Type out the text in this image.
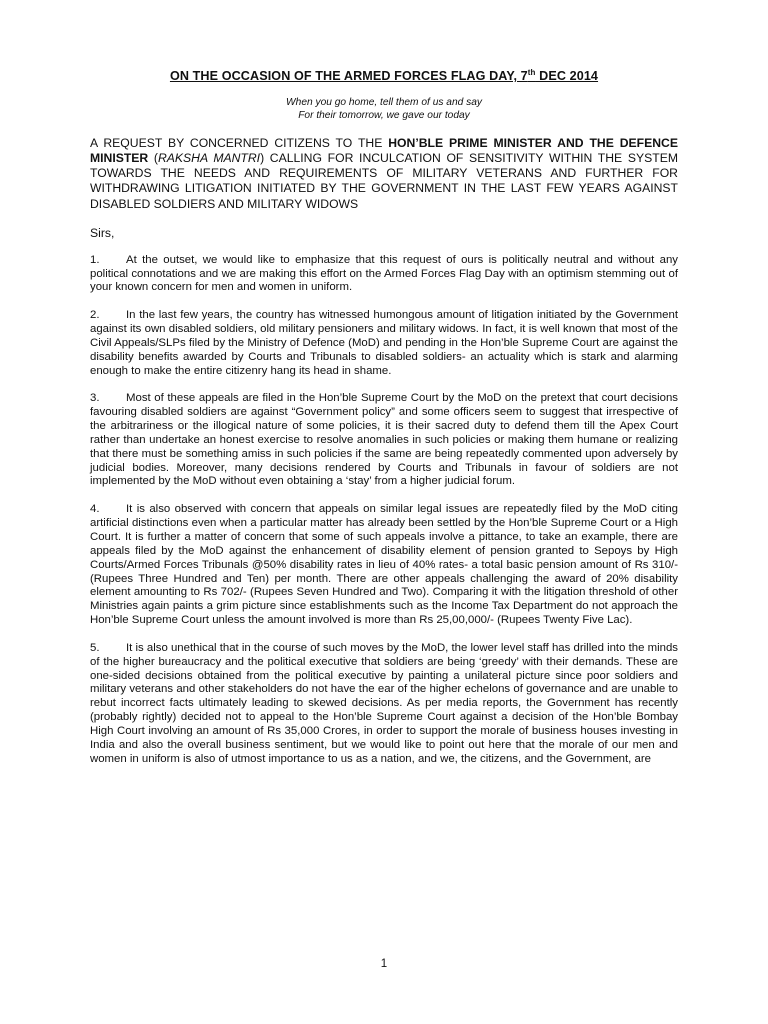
ON THE OCCASION OF THE ARMED FORCES FLAG DAY, 7th DEC 2014
When you go home, tell them of us and say
For their tomorrow, we gave our today
A REQUEST BY CONCERNED CITIZENS TO THE HON’BLE PRIME MINISTER AND THE DEFENCE MINISTER (RAKSHA MANTRI) CALLING FOR INCULCATION OF SENSITIVITY WITHIN THE SYSTEM TOWARDS THE NEEDS AND REQUIREMENTS OF MILITARY VETERANS AND FURTHER FOR WITHDRAWING LITIGATION INITIATED BY THE GOVERNMENT IN THE LAST FEW YEARS AGAINST DISABLED SOLDIERS AND MILITARY WIDOWS
Sirs,
1. At the outset, we would like to emphasize that this request of ours is politically neutral and without any political connotations and we are making this effort on the Armed Forces Flag Day with an optimism stemming out of your known concern for men and women in uniform.
2. In the last few years, the country has witnessed humongous amount of litigation initiated by the Government against its own disabled soldiers, old military pensioners and military widows. In fact, it is well known that most of the Civil Appeals/SLPs filed by the Ministry of Defence (MoD) and pending in the Hon’ble Supreme Court are against the disability benefits awarded by Courts and Tribunals to disabled soldiers- an actuality which is stark and alarming enough to make the entire citizenry hang its head in shame.
3. Most of these appeals are filed in the Hon’ble Supreme Court by the MoD on the pretext that court decisions favouring disabled soldiers are against “Government policy” and some officers seem to suggest that irrespective of the arbitrariness or the illogical nature of some policies, it is their sacred duty to defend them till the Apex Court rather than undertake an honest exercise to resolve anomalies in such policies or making them humane or realizing that there must be something amiss in such policies if the same are being repeatedly commented upon adversely by judicial bodies. Moreover, many decisions rendered by Courts and Tribunals in favour of soldiers are not implemented by the MoD without even obtaining a ‘stay’ from a higher judicial forum.
4. It is also observed with concern that appeals on similar legal issues are repeatedly filed by the MoD citing artificial distinctions even when a particular matter has already been settled by the Hon’ble Supreme Court or a High Court. It is further a matter of concern that some of such appeals involve a pittance, to take an example, there are appeals filed by the MoD against the enhancement of disability element of pension granted to Sepoys by High Courts/Armed Forces Tribunals @50% disability rates in lieu of 40% rates- a total basic pension amount of Rs 310/- (Rupees Three Hundred and Ten) per month. There are other appeals challenging the award of 20% disability element amounting to Rs 702/- (Rupees Seven Hundred and Two). Comparing it with the litigation threshold of other Ministries again paints a grim picture since establishments such as the Income Tax Department do not approach the Hon’ble Supreme Court unless the amount involved is more than Rs 25,00,000/- (Rupees Twenty Five Lac).
5. It is also unethical that in the course of such moves by the MoD, the lower level staff has drilled into the minds of the higher bureaucracy and the political executive that soldiers are being ‘greedy’ with their demands. These are one-sided decisions obtained from the political executive by painting a unilateral picture since poor soldiers and military veterans and other stakeholders do not have the ear of the higher echelons of governance and are unable to rebut incorrect facts ultimately leading to skewed decisions. As per media reports, the Government has recently (probably rightly) decided not to appeal to the Hon’ble Supreme Court against a decision of the Hon’ble Bombay High Court involving an amount of Rs 35,000 Crores, in order to support the morale of business houses investing in India and also the overall business sentiment, but we would like to point out here that the morale of our men and women in uniform is also of utmost importance to us as a nation, and we, the citizens, and the Government, are
1
